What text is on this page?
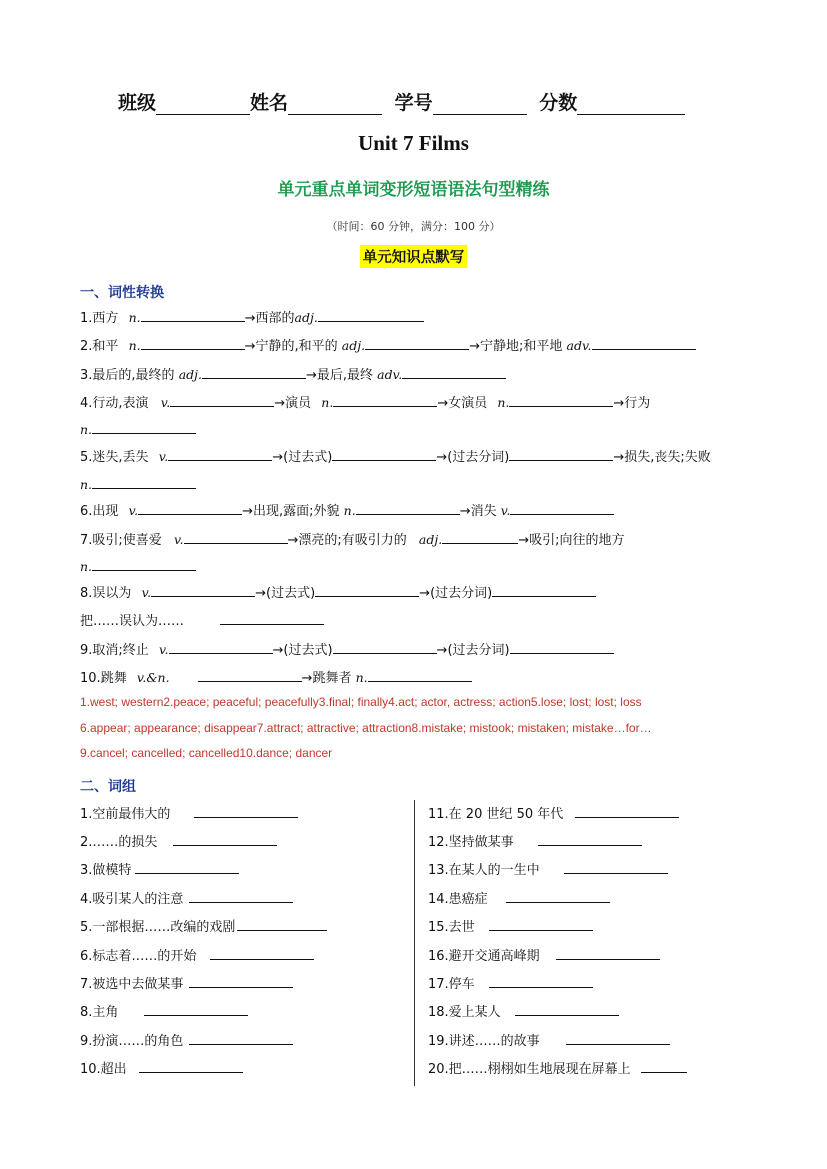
班级	姓名	学号	分数
Unit 7 Films
单元重点单词变形短语语法句型精练
（时间：60 分钟，满分：100 分）
单元知识点默写
一、词性转换
1.西方 n.	→西部的adj.
2.和平 n.	→宁静的,和平的 adj.	→宁静地;和平地 adv.
3.最后的,最终的 adj.	→最后,最终 adv.
4.行动,表演 v.	→演员 n.	→女演员 n.	→行为
n.
5.迷失,丢失 v.	→(过去式)	→(过去分词)	→损失,丧失;失败
n.
6.出现 v.	→出现,露面;外貌 n.	→消失 v.
7.吸引;使喜爱 v.	→漂亮的;有吸引力的 adj.	→吸引;向往的地方
n.
8.误以为 v.	→(过去式)	→(过去分词)
把……误认为……
9.取消;终止 v.	→(过去式)	→(过去分词)
10.跳舞 v.&n.	→跳舞者 n.
1.west; western2.peace; peaceful; peacefully3.final; finally4.act; actor, actress; action5.lose; lost; lost; loss
6.appear; appearance; disappear7.attract; attractive; attraction8.mistake; mistook; mistaken; mistake…for…
9.cancel; cancelled; cancelled10.dance; dancer
二、词组
1.空前最伟大的
2.……的损失
3.做模特
4.吸引某人的注意
5.一部根据……改编的戏剧
6.标志着……的开始
7.被选中去做某事
8.主角
9.扮演……的角色
10.超出
11.在 20 世纪 50 年代
12.坚持做某事
13.在某人的一生中
14.患癌症
15.去世
16.避开交通高峰期
17.停车
18.爱上某人
19.讲述……的故事
20.把……栩栩如生地展现在屏幕上
